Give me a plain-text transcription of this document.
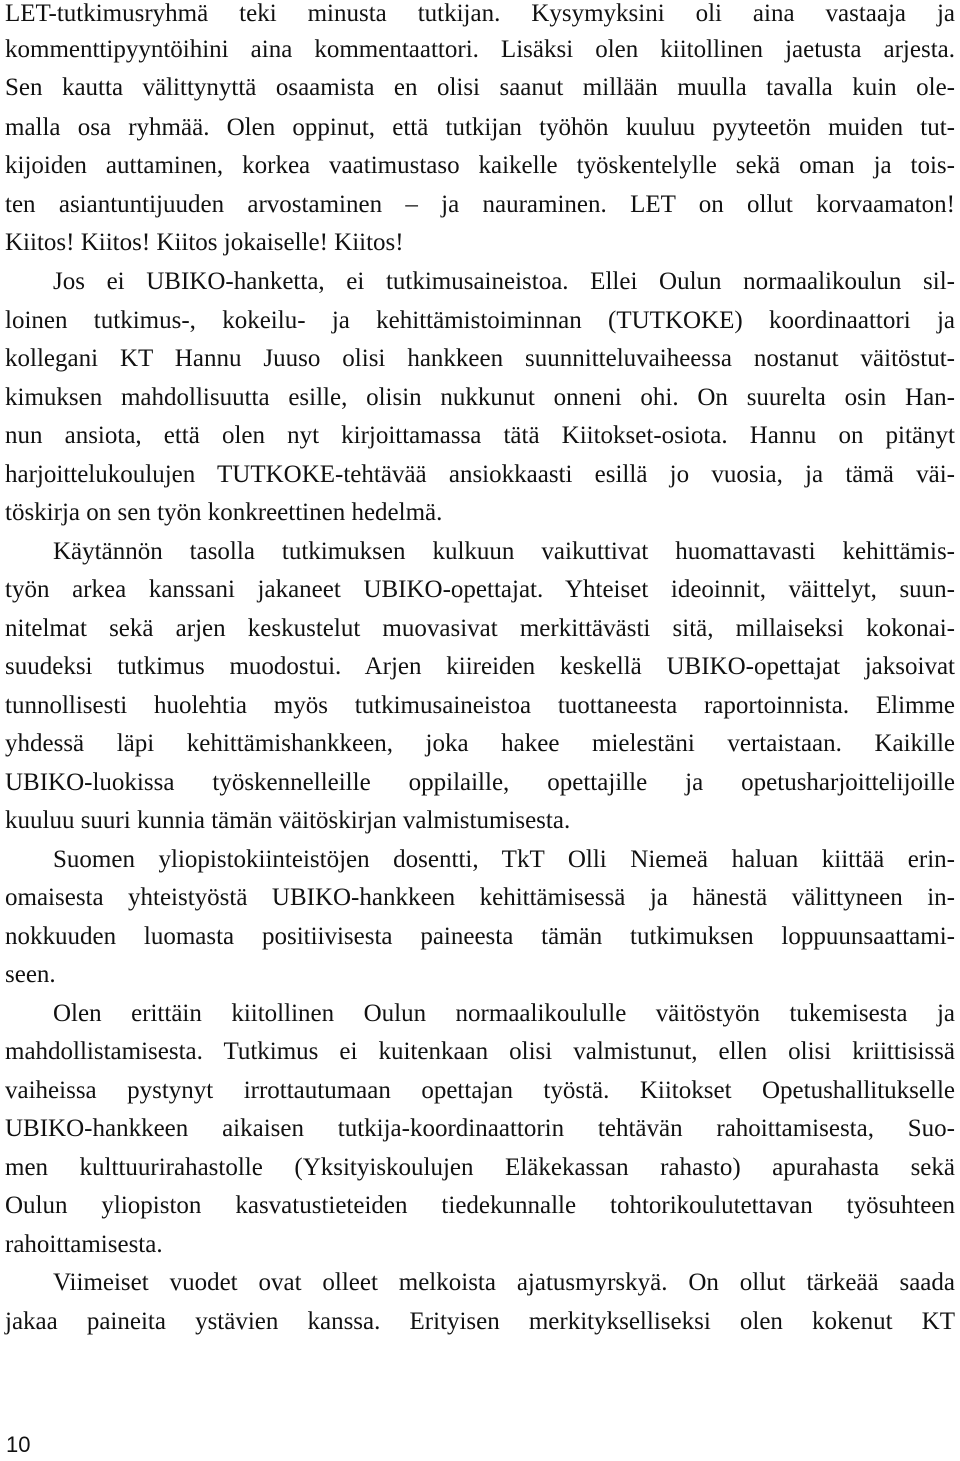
LET-tutkimusryhmä teki minusta tutkijan. Kysymyksini oli aina vastaaja ja
kommenttipyyntöihini aina kommentaattori. Lisäksi olen kiitollinen jaetusta arjesta.
Sen kautta välittynyttä osaamista en olisi saanut millään muulla tavalla kuin ole-
malla osa ryhmää. Olen oppinut, että tutkijan työhön kuuluu pyyteetön muiden tut-
kijoiden auttaminen, korkea vaatimustaso kaikelle työskentelylle sekä oman ja tois-
ten asiantuntijuuden arvostaminen – ja nauraminen. LET on ollut korvaamaton!
Kiitos! Kiitos! Kiitos jokaiselle! Kiitos!
Jos ei UBIKO-hanketta, ei tutkimusaineistoa. Ellei Oulun normaalikoulun sil-
loinen tutkimus-, kokeilu- ja kehittämistoiminnan (TUTKOKE) koordinaattori ja
kollegani KT Hannu Juuso olisi hankkeen suunnitteluvaiheessa nostanut väitöstut-
kimuksen mahdollisuutta esille, olisin nukkunut onneni ohi. On suurelta osin Han-
nun ansiota, että olen nyt kirjoittamassa tätä Kiitokset-osiota. Hannu on pitänyt
harjoittelukoulujen TUTKOKE-tehtävää ansiokkaasti esillä jo vuosia, ja tämä väi-
töskirja on sen työn konkreettinen hedelmä.
Käytännön tasolla tutkimuksen kulkuun vaikuttivat huomattavasti kehittämis-
työn arkea kanssani jakaneet UBIKO-opettajat. Yhteiset ideoinnit, väittelyt, suun-
nitelmat sekä arjen keskustelut muovasivat merkittävästi sitä, millaiseksi kokonai-
suudeksi tutkimus muodostui. Arjen kiireiden keskellä UBIKO-opettajat jaksoivat
tunnollisesti huolehtia myös tutkimusaineistoa tuottaneesta raportoinnista. Elimme
yhdessä läpi kehittämishankkeen, joka hakee mielestäni vertaistaan. Kaikille
UBIKO-luokissa työskennelleille oppilaille, opettajille ja opetusharjoittelijoille
kuuluu suuri kunnia tämän väitöskirjan valmistumisesta.
Suomen yliopistokiinteistöjen dosentti, TkT Olli Niemeä haluan kiittää erin-
omaisesta yhteistyöstä UBIKO-hankkeen kehittämisessä ja hänestä välittyneen in-
nokkuuden luomasta positiivisesta paineesta tämän tutkimuksen loppuunsaattami-
seen.
Olen erittäin kiitollinen Oulun normaalikoululle väitöstyön tukemisesta ja
mahdollistamisesta. Tutkimus ei kuitenkaan olisi valmistunut, ellen olisi kriittisissä
vaiheissa pystynyt irrottautumaan opettajan työstä. Kiitokset Opetushallitukselle
UBIKO-hankkeen aikaisen tutkija-koordinaattorin tehtävän rahoittamisesta, Suo-
men kulttuurirahastolle (Yksityiskoulujen Eläkekassan rahasto) apurahasta sekä
Oulun yliopiston kasvatustieteiden tiedekunnalle tohtorikoulutettavan työsuhteen
rahoittamisesta.
Viimeiset vuodet ovat olleet melkoista ajatusmyrskyä. On ollut tärkeää saada
jakaa paineita ystävien kanssa. Erityisen merkitykselliseksi olen kokenut KT
10
